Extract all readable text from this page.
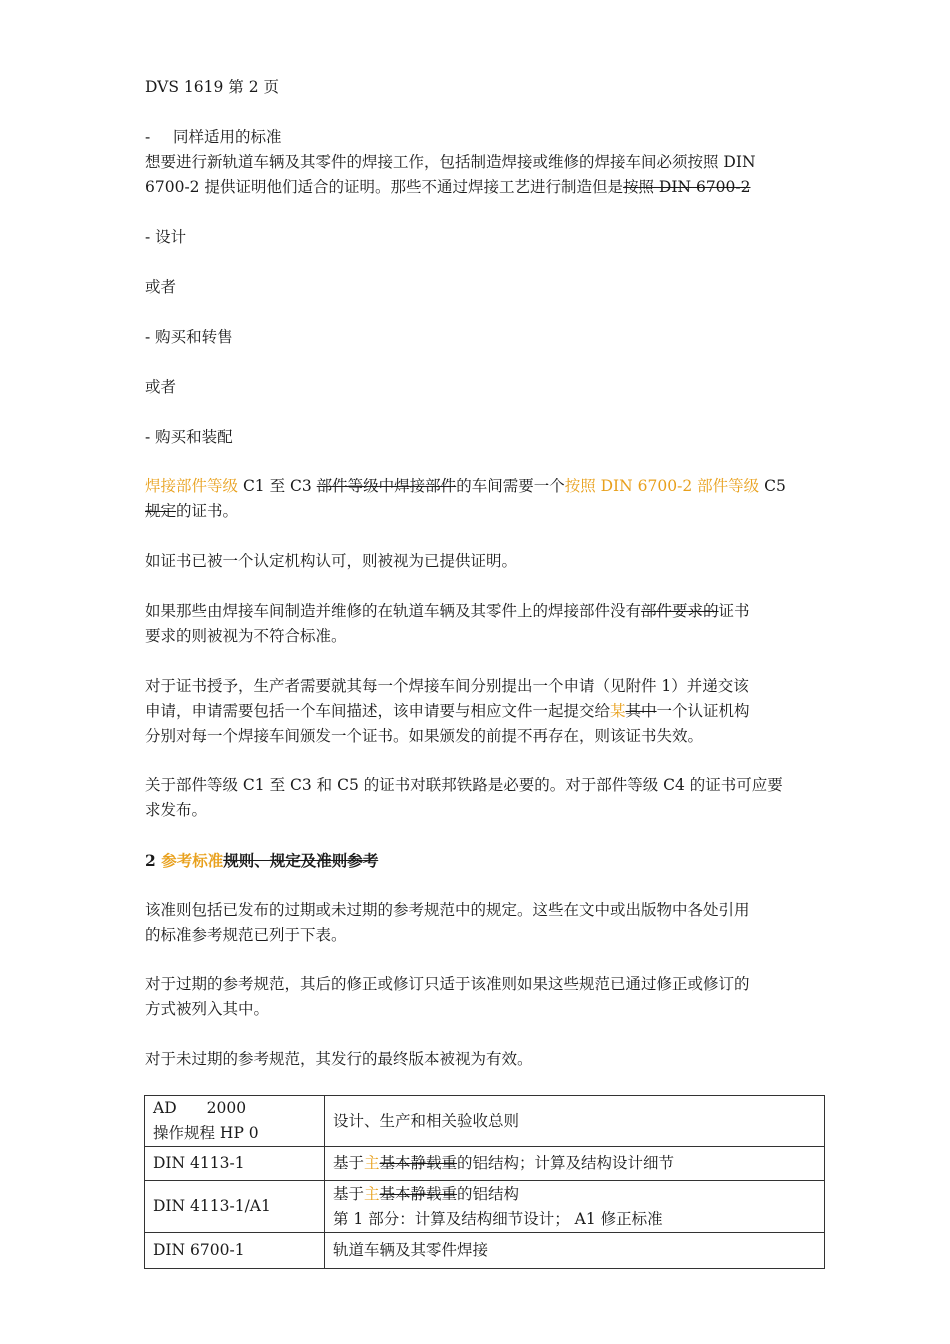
DVS 1619 第 2 页
- 同样适用的标准
想要进行新轨道车辆及其零件的焊接工作，包括制造焊接或维修的焊接车间必须按照 DIN
6700-2 提供证明他们适合的证明。那些不通过焊接工艺进行制造但是按照 DIN 6700-2
- 设计
或者
- 购买和转售
或者
- 购买和装配
焊接部件等级 C1 至 C3 部件等级中焊接部件的车间需要一个按照 DIN 6700-2 部件等级 C5
规定的证书。
如证书已被一个认定机构认可，则被视为已提供证明。
如果那些由焊接车间制造并维修的在轨道车辆及其零件上的焊接部件没有部件要求的证书
要求的则被视为不符合标准。
对于证书授予，生产者需要就其每一个焊接车间分别提出一个申请（见附件 1）并递交该
申请，申请需要包括一个车间描述，该申请要与相应文件一起提交给某其中一个认证机构
分别对每一个焊接车间颁发一个证书。如果颁发的前提不再存在，则该证书失效。
关于部件等级 C1 至 C3 和 C5 的证书对联邦铁路是必要的。对于部件等级 C4 的证书可应要
求发布。
2 参考标准规则、规定及准则参考
该准则包括已发布的过期或未过期的参考规范中的规定。这些在文中或出版物中各处引用
的标准参考规范已列于下表。
对于过期的参考规范，其后的修正或修订只适于该准则如果这些规范已通过修正或修订的
方式被列入其中。
对于未过期的参考规范，其发行的最终版本被视为有效。
AD 2000
操作规程 HP 0	设计、生产和相关验收总则
DIN 4113-1	基于主基本静载重的铝结构；计算及结构设计细节
DIN 4113-1/A1	基于主基本静载重的铝结构
第 1 部分：计算及结构细节设计； A1 修正标准
DIN 6700-1	轨道车辆及其零件焊接
